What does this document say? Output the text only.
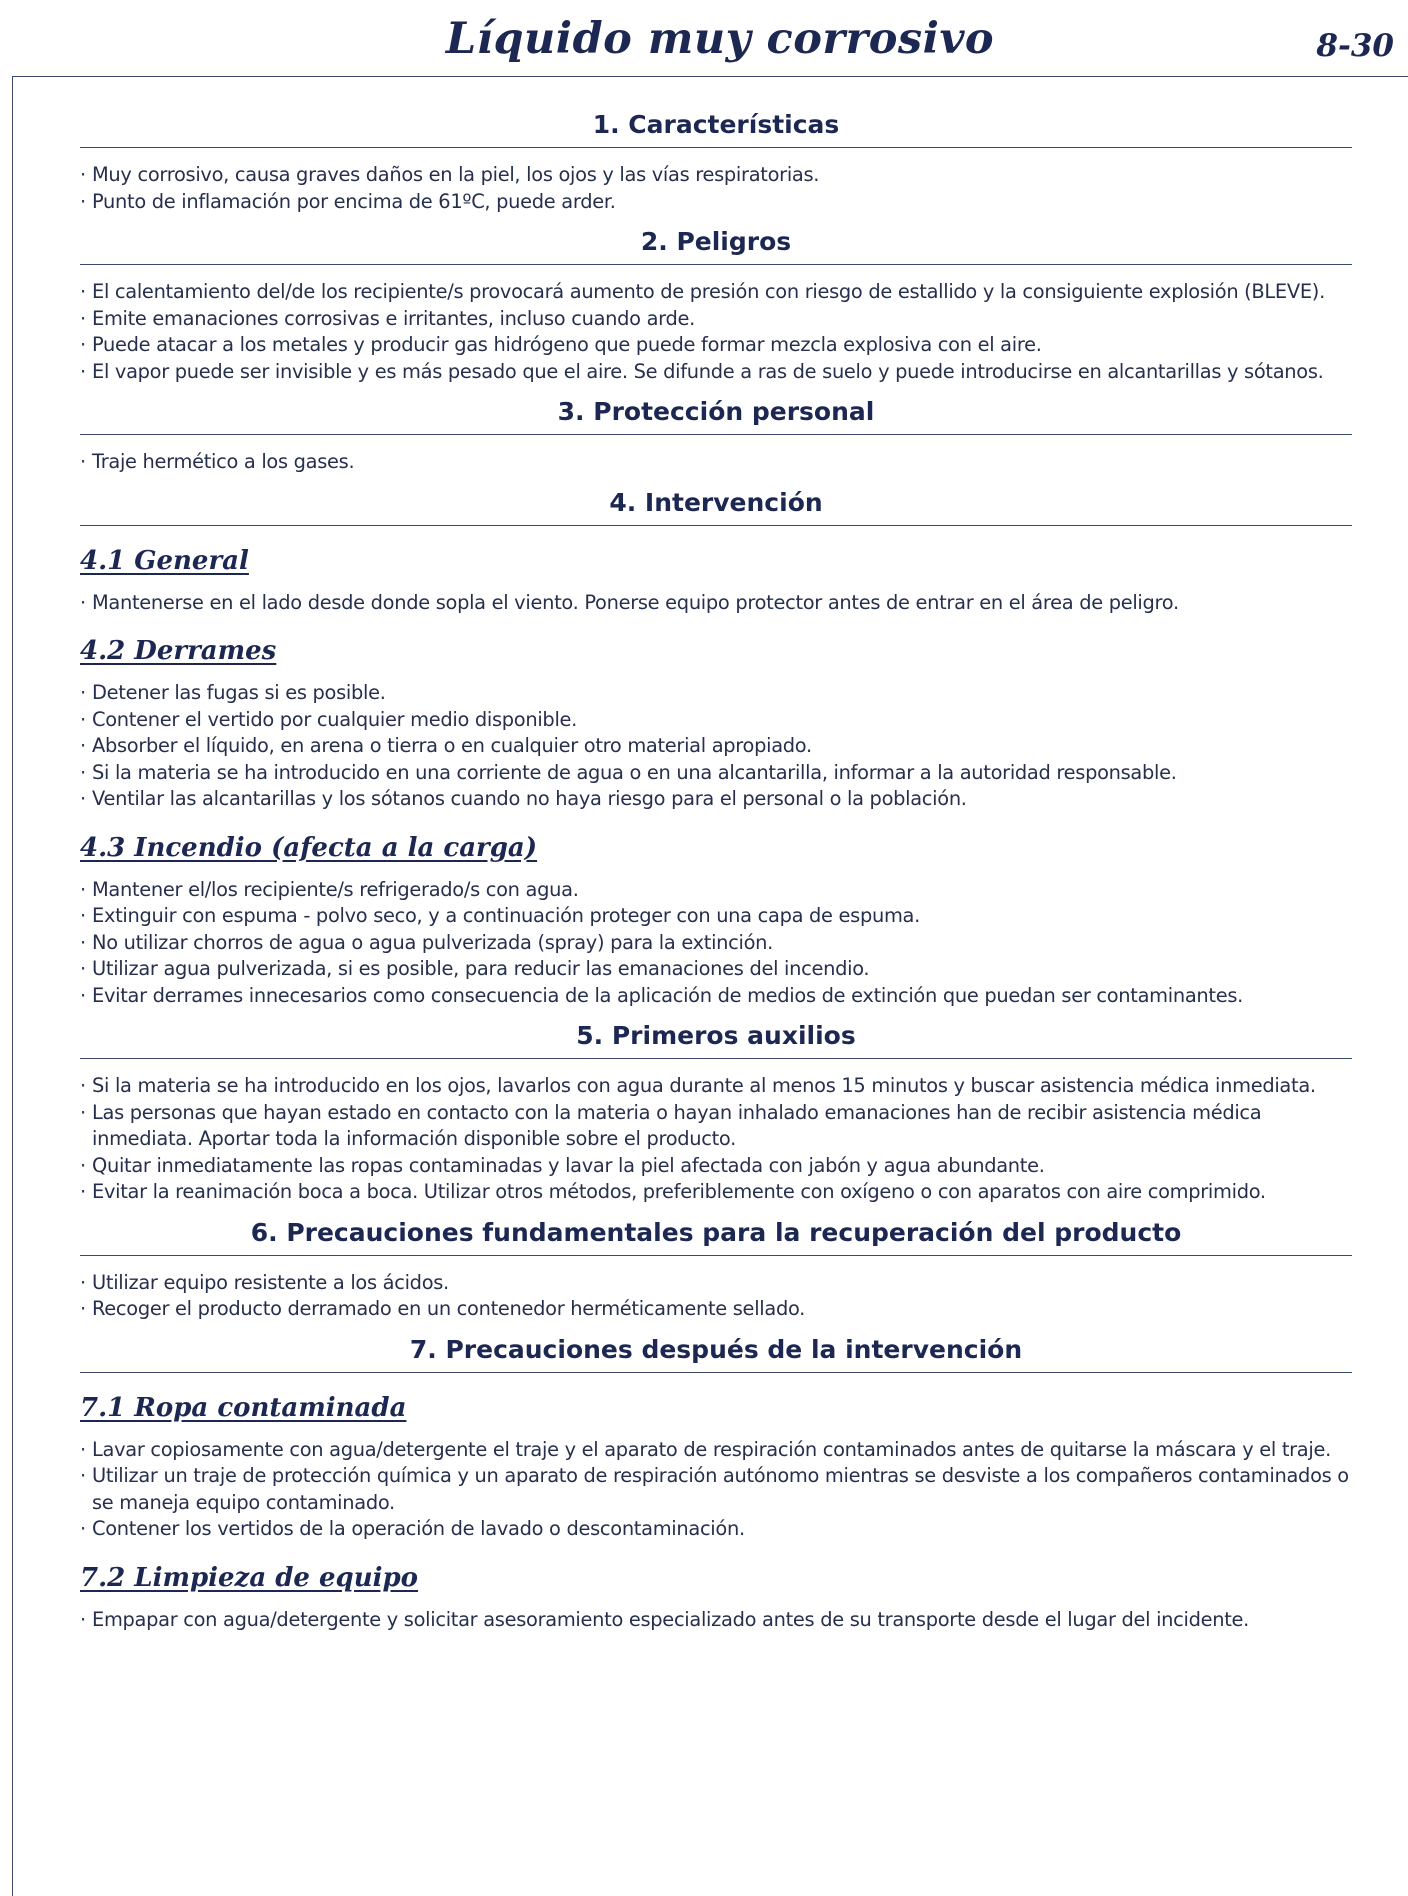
Líquido muy corrosivo	8-30
1. Características
· Muy corrosivo, causa graves daños en la piel, los ojos y las vías respiratorias.
· Punto de inflamación por encima de 61ºC, puede arder.
2. Peligros
· El calentamiento del/de los recipiente/s provocará aumento de presión con riesgo de estallido y la consiguiente explosión (BLEVE).
· Emite emanaciones corrosivas e irritantes, incluso cuando arde.
· Puede atacar a los metales y producir gas hidrógeno que puede formar mezcla explosiva con el aire.
· El vapor puede ser invisible y es más pesado que el aire. Se difunde a ras de suelo y puede introducirse en alcantarillas y sótanos.
3. Protección personal
· Traje hermético a los gases.
4. Intervención
4.1 General
· Mantenerse en el lado desde donde sopla el viento. Ponerse equipo protector antes de entrar en el área de peligro.
4.2 Derrames
· Detener las fugas si es posible.
· Contener el vertido por cualquier medio disponible.
· Absorber el líquido, en arena o tierra o en cualquier otro material apropiado.
· Si la materia se ha introducido en una corriente de agua o en una alcantarilla, informar a la autoridad responsable.
· Ventilar las alcantarillas y los sótanos cuando no haya riesgo para el personal o la población.
4.3 Incendio (afecta a la carga)
· Mantener el/los recipiente/s refrigerado/s con agua.
· Extinguir con espuma - polvo seco, y a continuación proteger con una capa de espuma.
· No utilizar chorros de agua o agua pulverizada (spray) para la extinción.
· Utilizar agua pulverizada, si es posible, para reducir las emanaciones del incendio.
· Evitar derrames innecesarios como consecuencia de la aplicación de medios de extinción que puedan ser contaminantes.
5. Primeros auxilios
· Si la materia se ha introducido en los ojos, lavarlos con agua durante al menos 15 minutos y buscar asistencia médica inmediata.
· Las personas que hayan estado en contacto con la materia o hayan inhalado emanaciones han de recibir asistencia médica inmediata. Aportar toda la información disponible sobre el producto.
· Quitar inmediatamente las ropas contaminadas y lavar la piel afectada con jabón y agua abundante.
· Evitar la reanimación boca a boca. Utilizar otros métodos, preferiblemente con oxígeno o con aparatos con aire comprimido.
6. Precauciones fundamentales para la recuperación del producto
· Utilizar equipo resistente a los ácidos.
· Recoger el producto derramado en un contenedor herméticamente sellado.
7. Precauciones después de la intervención
7.1 Ropa contaminada
· Lavar copiosamente con agua/detergente el traje y el aparato de respiración contaminados antes de quitarse la máscara y el traje.
· Utilizar un traje de protección química y un aparato de respiración autónomo mientras se desviste a los compañeros contaminados o se maneja equipo contaminado.
· Contener los vertidos de la operación de lavado o descontaminación.
7.2 Limpieza de equipo
· Empapar con agua/detergente y solicitar asesoramiento especializado antes de su transporte desde el lugar del incidente.
